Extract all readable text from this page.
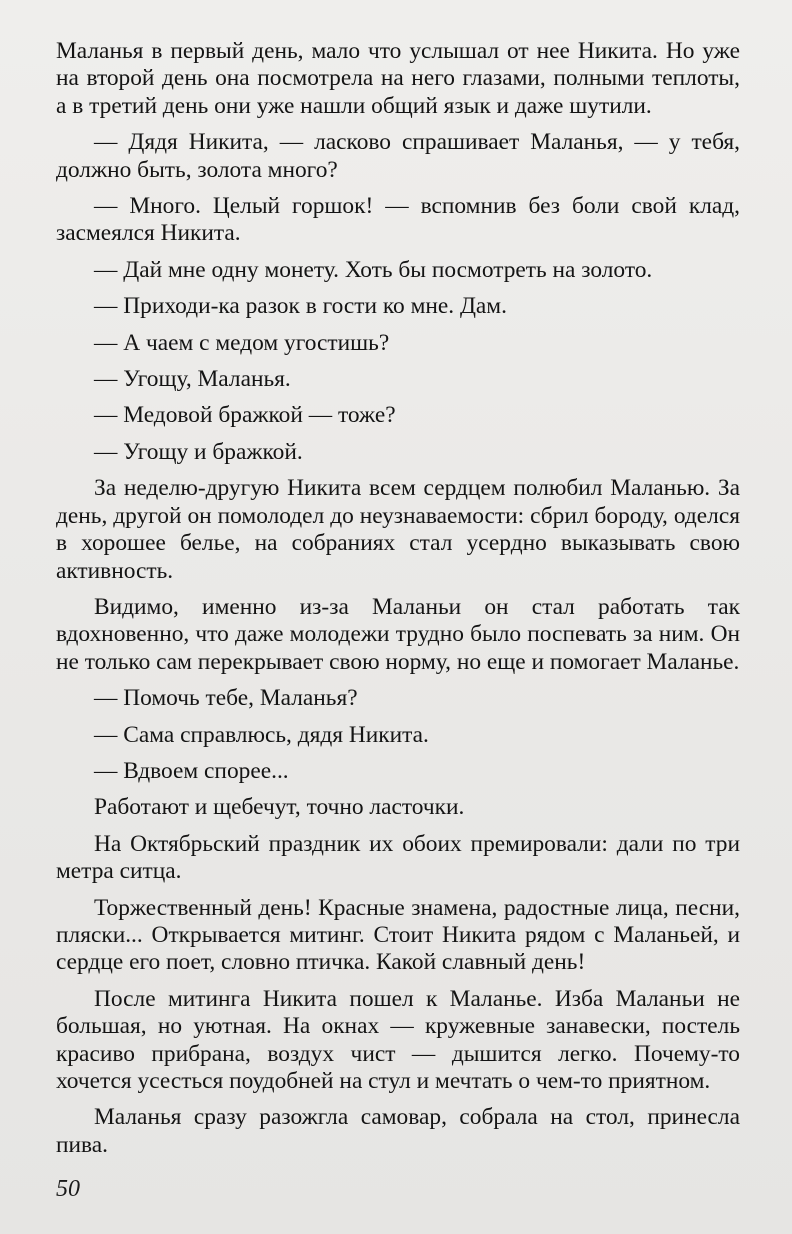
Маланья в первый день, мало что услышал от нее Никита. Но уже на второй день она посмотрела на него глазами, полными теплоты, а в третий день они уже нашли общий язык и даже шутили.

— Дядя Никита, — ласково спрашивает Маланья, — у тебя, должно быть, золота много?

— Много. Целый горшок! — вспомнив без боли свой клад, засмеялся Никита.

— Дай мне одну монету. Хоть бы посмотреть на золото.

— Приходи-ка разок в гости ко мне. Дам.

— А чаем с медом угостишь?

— Угощу, Маланья.

— Медовой бражкой — тоже?

— Угощу и бражкой.

За неделю-другую Никита всем сердцем полюбил Маланью. За день, другой он помолодел до неузнаваемости: сбрил бороду, оделся в хорошее белье, на собраниях стал усердно выказывать свою активность.

Видимо, именно из-за Маланьи он стал работать так вдохновенно, что даже молодежи трудно было поспевать за ним. Он не только сам перекрывает свою норму, но еще и помогает Маланье.

— Помочь тебе, Маланья?

— Сама справлюсь, дядя Никита.

— Вдвоем спорее...

Работают и щебечут, точно ласточки.

На Октябрьский праздник их обоих премировали: дали по три метра ситца.

Торжественный день! Красные знамена, радостные лица, песни, пляски... Открывается митинг. Стоит Никита рядом с Маланьей, и сердце его поет, словно птичка. Какой славный день!

После митинга Никита пошел к Маланье. Изба Маланьи не большая, но уютная. На окнах — кружевные занавески, постель красиво прибрана, воздух чист — дышится легко. Почему-то хочется усесться поудобней на стул и мечтать о чем-то приятном.

Маланья сразу разожгла самовар, собрала на стол, принесла пива.

50
